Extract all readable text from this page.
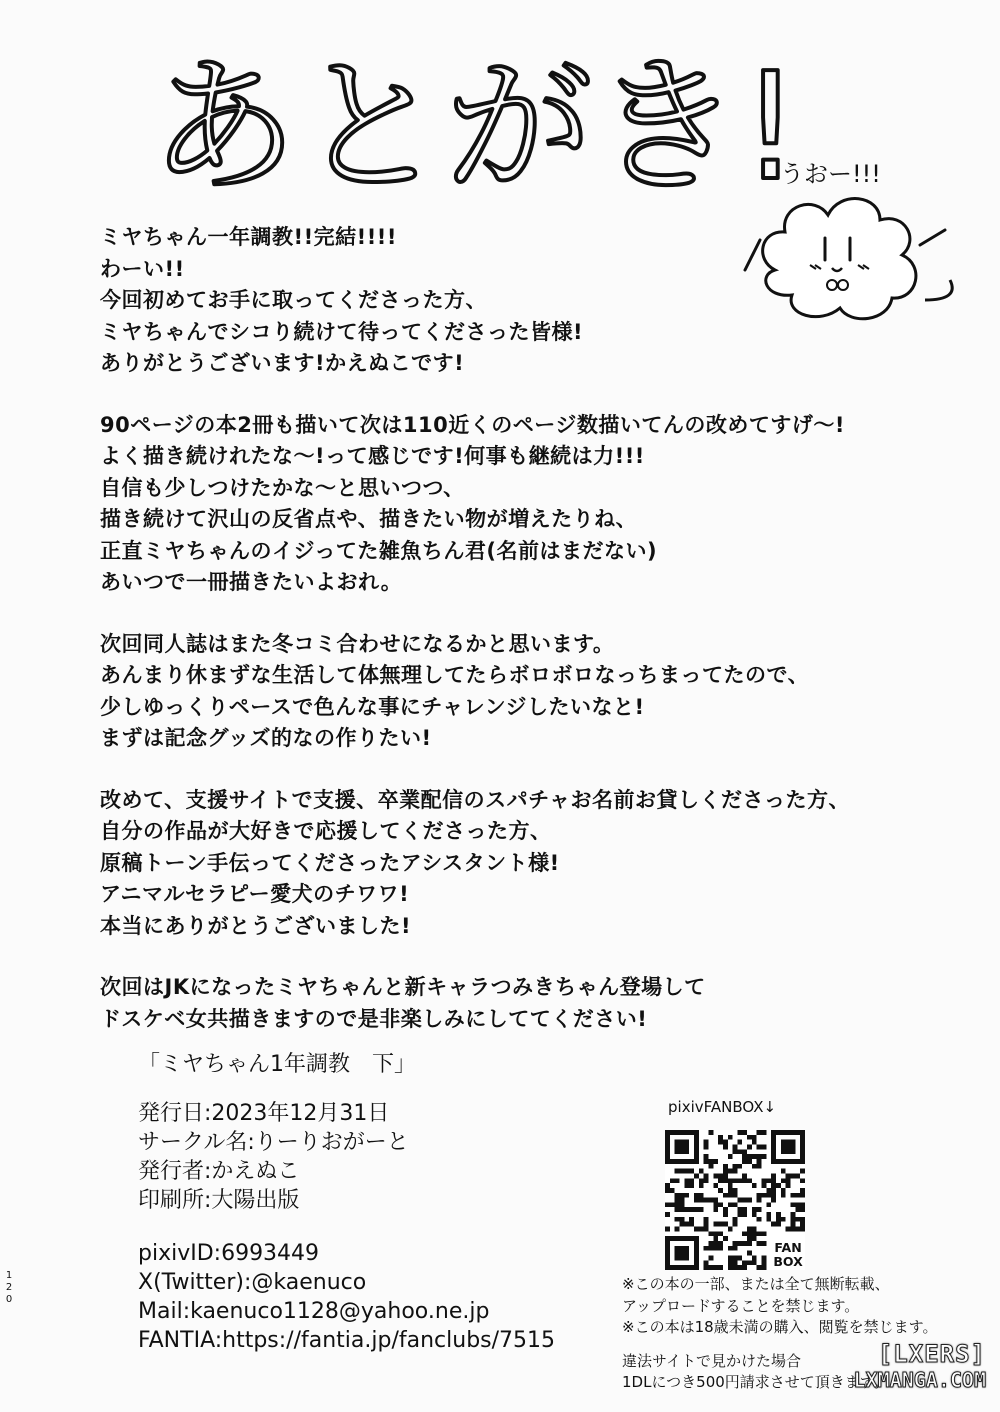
あとがき!
うおー!!!
ミヤちゃん一年調教!!完結!!!!
わーい!!
今回初めてお手に取ってくださった方、
ミヤちゃんでシコり続けて待ってくださった皆様!
ありがとうございます!かえぬこです!
90ページの本2冊も描いて次は110近くのページ数描いてんの改めてすげ〜!
よく描き続けれたな〜!って感じです!何事も継続は力!!!
自信も少しつけたかな〜と思いつつ、
描き続けて沢山の反省点や、描きたい物が増えたりね、
正直ミヤちゃんのイジってた雑魚ちん君(名前はまだない)
あいつで一冊描きたいよおれ。
次回同人誌はまた冬コミ合わせになるかと思います。
あんまり休まずな生活して体無理してたらボロボロなっちまってたので、
少しゆっくりペースで色んな事にチャレンジしたいなと!
まずは記念グッズ的なの作りたい!
改めて、支援サイトで支援、卒業配信のスパチャお名前お貸しくださった方、
自分の作品が大好きで応援してくださった方、
原稿トーン手伝ってくださったアシスタント様!
アニマルセラピー愛犬のチワワ!
本当にありがとうございました!
次回はJKになったミヤちゃんと新キャラつみきちゃん登場して
ドスケベ女共描きますので是非楽しみにしててください!
「ミヤちゃん1年調教　下」
発行日:2023年12月31日
サークル名:りーりおがーと
発行者:かえぬこ
印刷所:大陽出版
pixivID:6993449
X(Twitter):@kaenuco
Mail:kaenuco1128@yahoo.ne.jp
FANTIA:https://fantia.jp/fanclubs/7515
pixivFANBOX↓
FAN
BOX
※この本の一部、または全て無断転載、
アップロードすることを禁じます。
※この本は18歳未満の購入、閲覧を禁じます。
違法サイトで見かけた場合
1DLにつき500円請求させて頂きます。
1
2
0
[LXERS]
LXMANGA.COM
